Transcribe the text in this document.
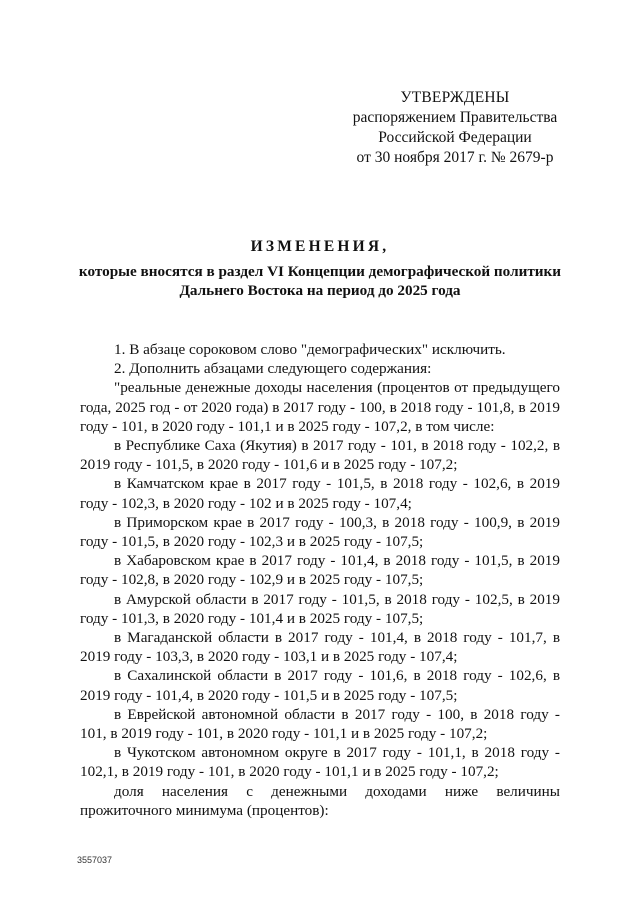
УТВЕРЖДЕНЫ
распоряжением Правительства
Российской Федерации
от 30 ноября 2017 г. № 2679-р
ИЗМЕНЕНИЯ,
которые вносятся в раздел VI Концепции демографической политики
Дальнего Востока на период до 2025 года
1. В абзаце сороковом слово "демографических" исключить.
2. Дополнить абзацами следующего содержания:
"реальные денежные доходы населения (процентов от предыдущего года, 2025 год - от 2020 года) в 2017 году - 100, в 2018 году - 101,8, в 2019 году - 101, в 2020 году - 101,1 и в 2025 году - 107,2, в том числе:
в Республике Саха (Якутия) в 2017 году - 101, в 2018 году - 102,2, в 2019 году - 101,5, в 2020 году - 101,6 и в 2025 году - 107,2;
в Камчатском крае в 2017 году - 101,5, в 2018 году - 102,6, в 2019 году - 102,3, в 2020 году - 102 и в 2025 году - 107,4;
в Приморском крае в 2017 году - 100,3, в 2018 году - 100,9, в 2019 году - 101,5, в 2020 году - 102,3 и в 2025 году - 107,5;
в Хабаровском крае в 2017 году - 101,4, в 2018 году - 101,5, в 2019 году - 102,8, в 2020 году - 102,9 и в 2025 году - 107,5;
в Амурской области в 2017 году - 101,5, в 2018 году - 102,5, в 2019 году - 101,3, в 2020 году - 101,4 и в 2025 году - 107,5;
в Магаданской области в 2017 году - 101,4, в 2018 году - 101,7, в 2019 году - 103,3, в 2020 году - 103,1 и в 2025 году - 107,4;
в Сахалинской области в 2017 году - 101,6, в 2018 году - 102,6, в 2019 году - 101,4, в 2020 году - 101,5 и в 2025 году - 107,5;
в Еврейской автономной области в 2017 году - 100, в 2018 году - 101, в 2019 году - 101, в 2020 году - 101,1 и в 2025 году - 107,2;
в Чукотском автономном округе в 2017 году - 101,1, в 2018 году - 102,1, в 2019 году - 101, в 2020 году - 101,1 и в 2025 году - 107,2;
доля населения с денежными доходами ниже величины прожиточного минимума (процентов):
3557037
